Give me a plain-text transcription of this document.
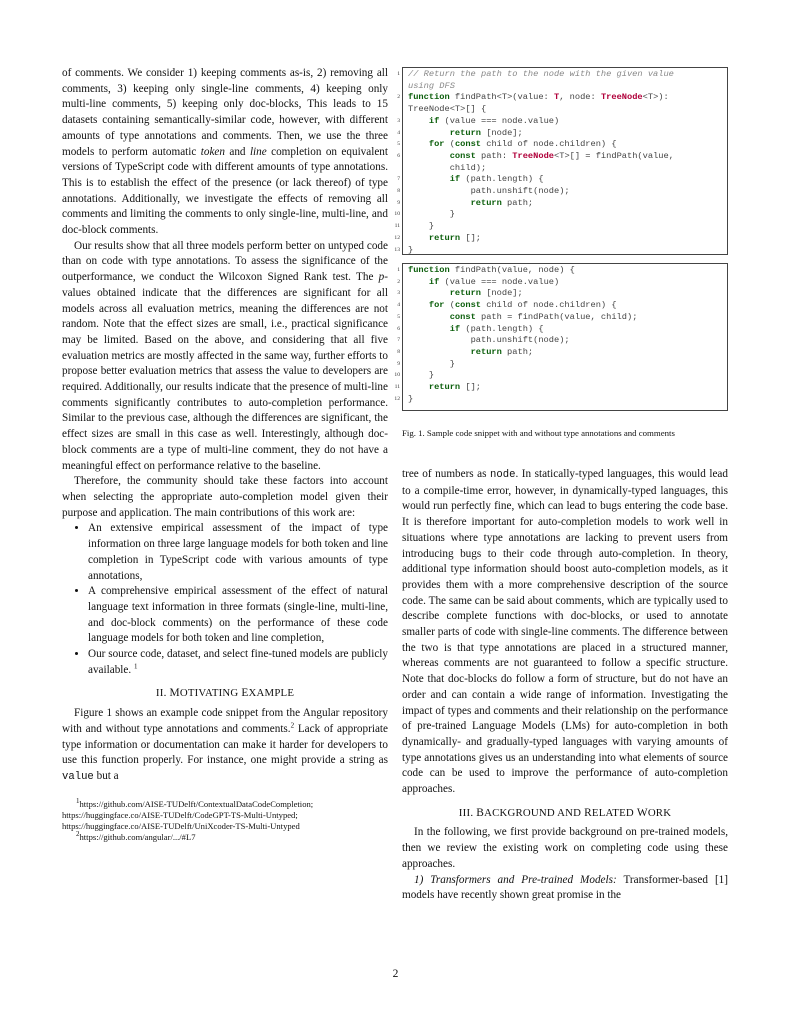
of comments. We consider 1) keeping comments as-is, 2) removing all comments, 3) keeping only single-line comments, 4) keeping only multi-line comments, 5) keeping only doc-blocks, This leads to 15 datasets containing semantically-similar code, however, with different amounts of type annotations and comments. Then, we use the three models to perform automatic token and line completion on equivalent versions of TypeScript code with different amounts of type annotations. This is to establish the effect of the presence (or lack thereof) of type annotations. Additionally, we investigate the effects of removing all comments and limiting the comments to only single-line, multi-line, and doc-block comments.

Our results show that all three models perform better on untyped code than on code with type annotations. To assess the significance of the outperformance, we conduct the Wilcoxon Signed Rank test. The p-values obtained indicate that the differences are significant for all models across all evaluation metrics, meaning the differences are not random. Note that the effect sizes are small, i.e., practical significance may be limited. Based on the above, and considering that all five evaluation metrics are mostly affected in the same way, further efforts to propose better evaluation metrics that assess the value to developers are required. Additionally, our results indicate that the presence of multi-line comments significantly contributes to auto-completion performance. Similar to the previous case, although the differences are significant, the effect sizes are small in this case as well. Interestingly, although doc-block comments are a type of multi-line comment, they do not have a meaningful effect on performance relative to the baseline.

Therefore, the community should take these factors into account when selecting the appropriate auto-completion model given their purpose and application. The main contributions of this work are:

• An extensive empirical assessment of the impact of type information on three large language models for both token and line completion in TypeScript code with various amounts of type annotations,
• A comprehensive empirical assessment of the effect of natural language text information in three formats (single-line, multi-line, and doc-block comments) on the performance of these code language models for both token and line completion,
• Our source code, dataset, and select fine-tuned models are publicly available. $^1$
II. MOTIVATING EXAMPLE

Figure 1 shows an example code snippet from the Angular repository with and without type annotations and comments.$^2$ Lack of appropriate type information or documentation can make it harder for developers to use this function properly. For instance, one might provide a string as value but a

$^1$https://github.com/AISE-TUDelft/ContextualDataCodeCompletion;
https://huggingface.co/AISE-TUDelft/CodeGPT-TS-Multi-Untyped;
https://huggingface.co/AISE-TUDelft/UniXcoder-TS-Multi-Untyped
$^2$https://github.com/angular/.../#L7
1 // Return the path to the node with the given value
using DFS
2 function findPath<T>(value: T, node: TreeNode<T>):
TreeNode<T>[] {
3	if (value === node.value)
4	return [node];
5	for (const child of node.children) {
6	const path: TreeNode<T>[] = findPath(value,
child);
7	if (path.length) {
8	path.unshift(node);
9	return path;
10	}
11	}
12	return [];
13 }
1 function findPath(value, node) {
2	if (value === node.value)
3	return [node];
4	for (const child of node.children) {
5	const path = findPath(value, child);
6	if (path.length) {
7	path.unshift(node);
8	return path;
9	}
10	}
11	return [];
12 }
Fig. 1. Sample code snippet with and without type annotations and comments

tree of numbers as node. In statically-typed languages, this would lead to a compile-time error, however, in dynamically-typed languages, this would run perfectly fine, which can lead to bugs entering the code base. It is therefore important for auto-completion models to work well in situations where type annotations are lacking to prevent users from introducing bugs to their code through auto-completion. In theory, additional type information should boost auto-completion models, as it provides them with a more comprehensive description of the source code. The same can be said about comments, which are typically used to describe complete functions with doc-blocks, or used to annotate smaller parts of code with single-line comments. The difference between the two is that type annotations are placed in a structured manner, whereas comments are not guaranteed to follow a specific structure. Note that doc-blocks do follow a form of structure, but do not have an order and can contain a wide range of information. Investigating the impact of types and comments and their relationship on the performance of pre-trained Language Models (LMs) for auto-completion in both dynamically- and gradually-typed languages with varying amounts of type annotations gives us an understanding into what elements of source code can be used to improve the performance of auto-completion approaches.

III. BACKGROUND AND RELATED WORK

In the following, we first provide background on pre-trained models, then we review the existing work on completing code using these approaches.

1) Transformers and Pre-trained Models: Transformer-based [1] models have recently shown great promise in the

2
